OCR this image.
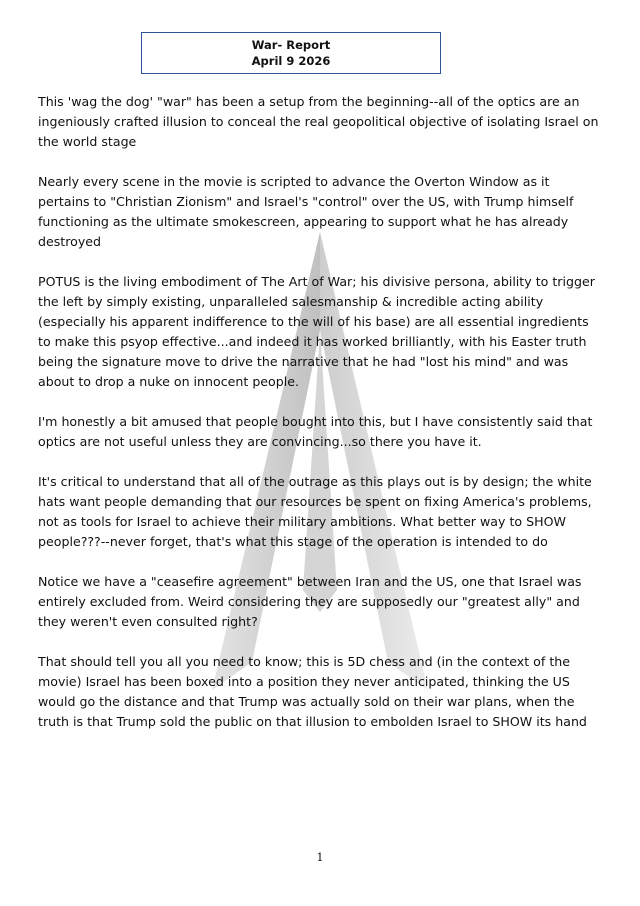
War- Report
April 9 2026

This 'wag the dog' "war" has been a setup from the beginning--all of the optics are an ingeniously crafted illusion to conceal the real geopolitical objective of isolating Israel on the world stage

Nearly every scene in the movie is scripted to advance the Overton Window as it pertains to "Christian Zionism" and Israel's "control" over the US, with Trump himself functioning as the ultimate smokescreen, appearing to support what he has already destroyed

POTUS is the living embodiment of The Art of War; his divisive persona, ability to trigger the left by simply existing, unparalleled salesmanship & incredible acting ability (especially his apparent indifference to the will of his base) are all essential ingredients to make this psyop effective...and indeed it has worked brilliantly, with his Easter truth being the signature move to drive the narrative that he had "lost his mind" and was about to drop a nuke on innocent people.

I'm honestly a bit amused that people bought into this, but I have consistently said that optics are not useful unless they are convincing...so there you have it.

It's critical to understand that all of the outrage as this plays out is by design; the white hats want people demanding that our resources be spent on fixing America's problems, not as tools for Israel to achieve their military ambitions. What better way to SHOW people???--never forget, that's what this stage of the operation is intended to do

Notice we have a "ceasefire agreement" between Iran and the US, one that Israel was entirely excluded from. Weird considering they are supposedly our "greatest ally" and they weren't even consulted right?

That should tell you all you need to know; this is 5D chess and (in the context of the movie) Israel has been boxed into a position they never anticipated, thinking the US would go the distance and that Trump was actually sold on their war plans, when the truth is that Trump sold the public on that illusion to embolden Israel to SHOW its hand

1
